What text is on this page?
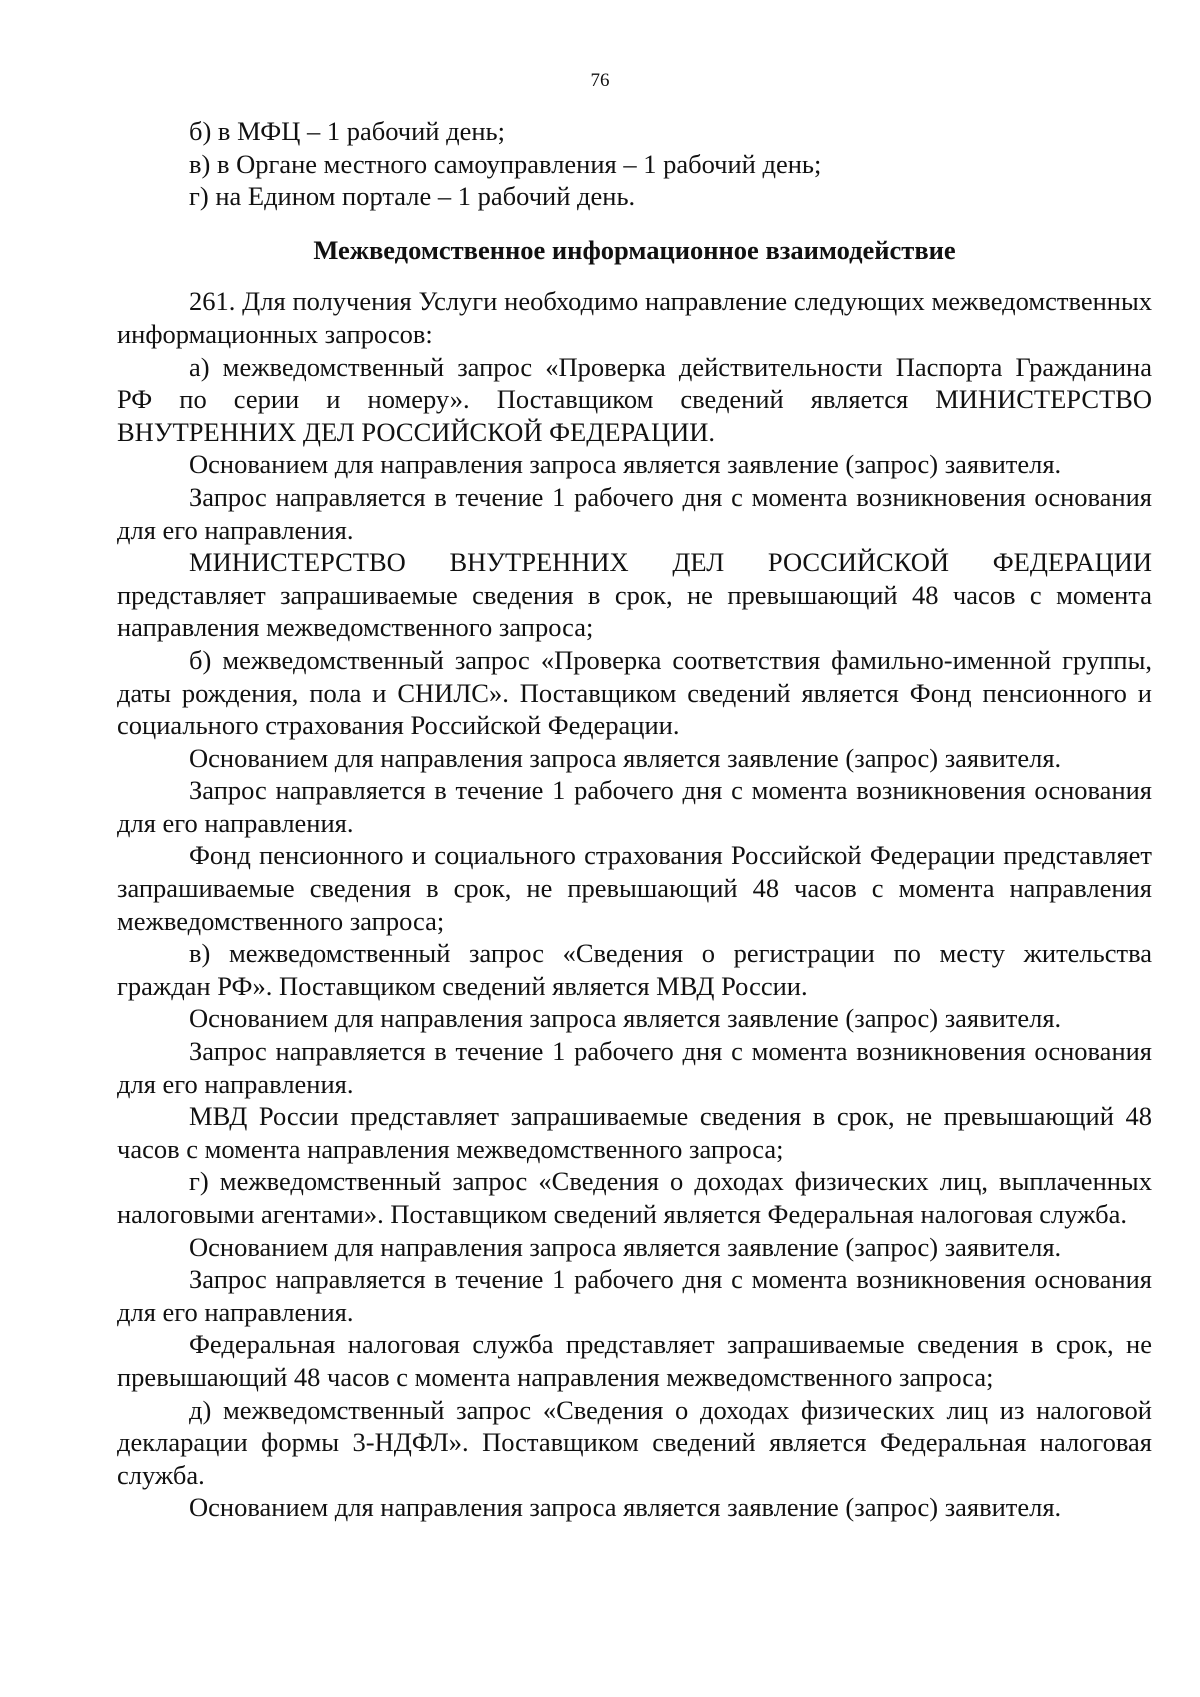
76

б) в МФЦ – 1 рабочий день;

в) в Органе местного самоуправления – 1 рабочий день;

г) на Едином портале – 1 рабочий день.

Межведомственное информационное взаимодействие

261. Для получения Услуги необходимо направление следующих межведомственных информационных запросов:

а) межведомственный запрос «Проверка действительности Паспорта Гражданина РФ по серии и номеру». Поставщиком сведений является МИНИСТЕРСТВО ВНУТРЕННИХ ДЕЛ РОССИЙСКОЙ ФЕДЕРАЦИИ.

Основанием для направления запроса является заявление (запрос) заявителя.

Запрос направляется в течение 1 рабочего дня с момента возникновения основания для его направления.

МИНИСТЕРСТВО ВНУТРЕННИХ ДЕЛ РОССИЙСКОЙ ФЕДЕРАЦИИ представляет запрашиваемые сведения в срок, не превышающий 48 часов с момента направления межведомственного запроса;

б) межведомственный запрос «Проверка соответствия фамильно-именной группы, даты рождения, пола и СНИЛС». Поставщиком сведений является Фонд пенсионного и социального страхования Российской Федерации.

Основанием для направления запроса является заявление (запрос) заявителя.

Запрос направляется в течение 1 рабочего дня с момента возникновения основания для его направления.

Фонд пенсионного и социального страхования Российской Федерации представляет запрашиваемые сведения в срок, не превышающий 48 часов с момента направления межведомственного запроса;

в) межведомственный запрос «Сведения о регистрации по месту жительства граждан РФ». Поставщиком сведений является МВД России.

Основанием для направления запроса является заявление (запрос) заявителя.

Запрос направляется в течение 1 рабочего дня с момента возникновения основания для его направления.

МВД России представляет запрашиваемые сведения в срок, не превышающий 48 часов с момента направления межведомственного запроса;

г) межведомственный запрос «Сведения о доходах физических лиц, выплаченных налоговыми агентами». Поставщиком сведений является Федеральная налоговая служба.

Основанием для направления запроса является заявление (запрос) заявителя.

Запрос направляется в течение 1 рабочего дня с момента возникновения основания для его направления.

Федеральная налоговая служба представляет запрашиваемые сведения в срок, не превышающий 48 часов с момента направления межведомственного запроса;

д) межведомственный запрос «Сведения о доходах физических лиц из налоговой декларации формы 3-НДФЛ». Поставщиком сведений является Федеральная налоговая служба.

Основанием для направления запроса является заявление (запрос) заявителя.
